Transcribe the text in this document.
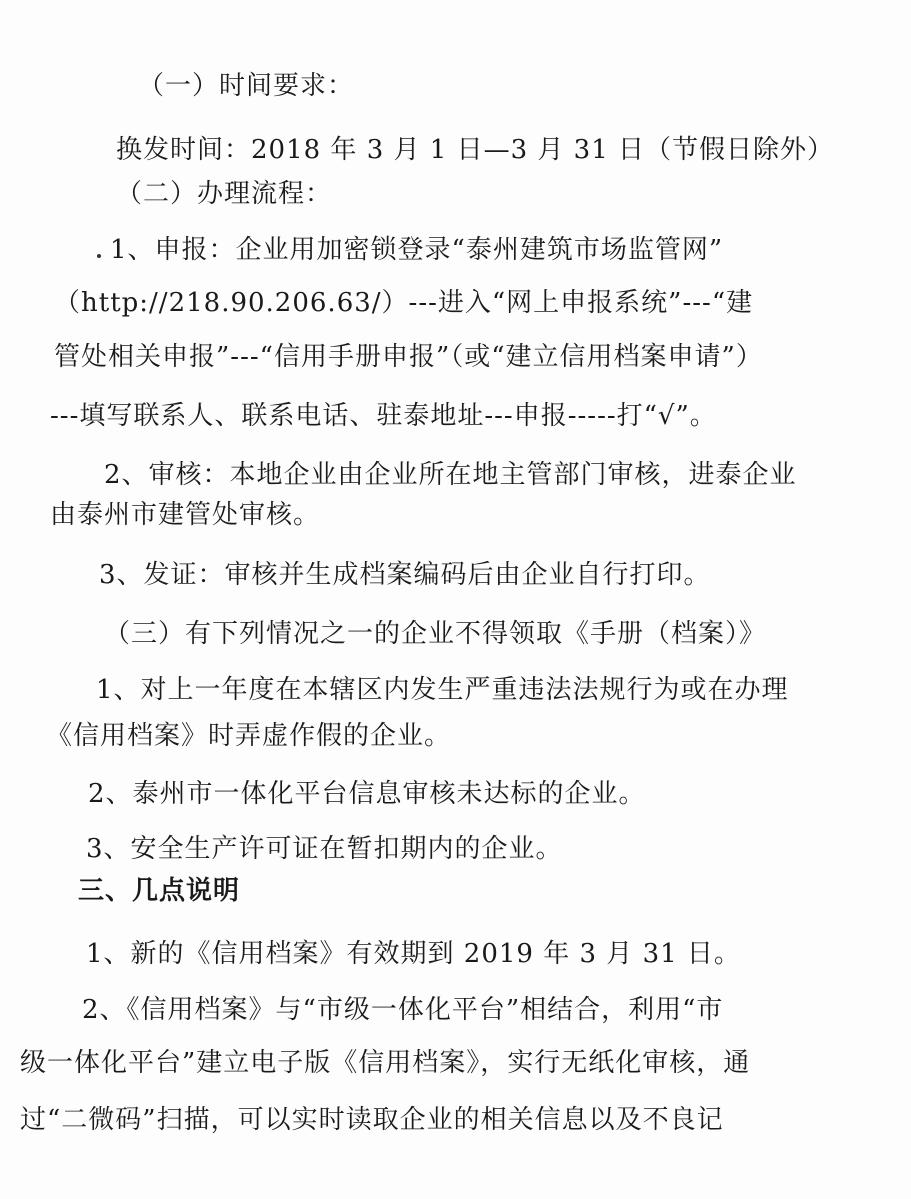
（一）时间要求：
换发时间：2018 年 3 月 1 日—3 月 31 日（节假日除外）
（二）办理流程：
1、申报：企业用加密锁登录“泰州建筑市场监管网”
（http://218.90.206.63/）---进入“网上申报系统”---“建
管处相关申报”---“信用手册申报”（或“建立信用档案申请”）
---填写联系人、联系电话、驻泰地址---申报-----打“√”。
2、审核：本地企业由企业所在地主管部门审核，进泰企业
由泰州市建管处审核。
3、发证：审核并生成档案编码后由企业自行打印。
（三）有下列情况之一的企业不得领取《手册（档案）》
1、对上一年度在本辖区内发生严重违法法规行为或在办理
《信用档案》时弄虚作假的企业。
2、泰州市一体化平台信息审核未达标的企业。
3、安全生产许可证在暂扣期内的企业。
三、几点说明
1、新的《信用档案》有效期到 2019 年 3 月 31 日。
2、《信用档案》与“市级一体化平台”相结合，利用“市
级一体化平台”建立电子版《信用档案》，实行无纸化审核，通
过“二微码”扫描，可以实时读取企业的相关信息以及不良记
